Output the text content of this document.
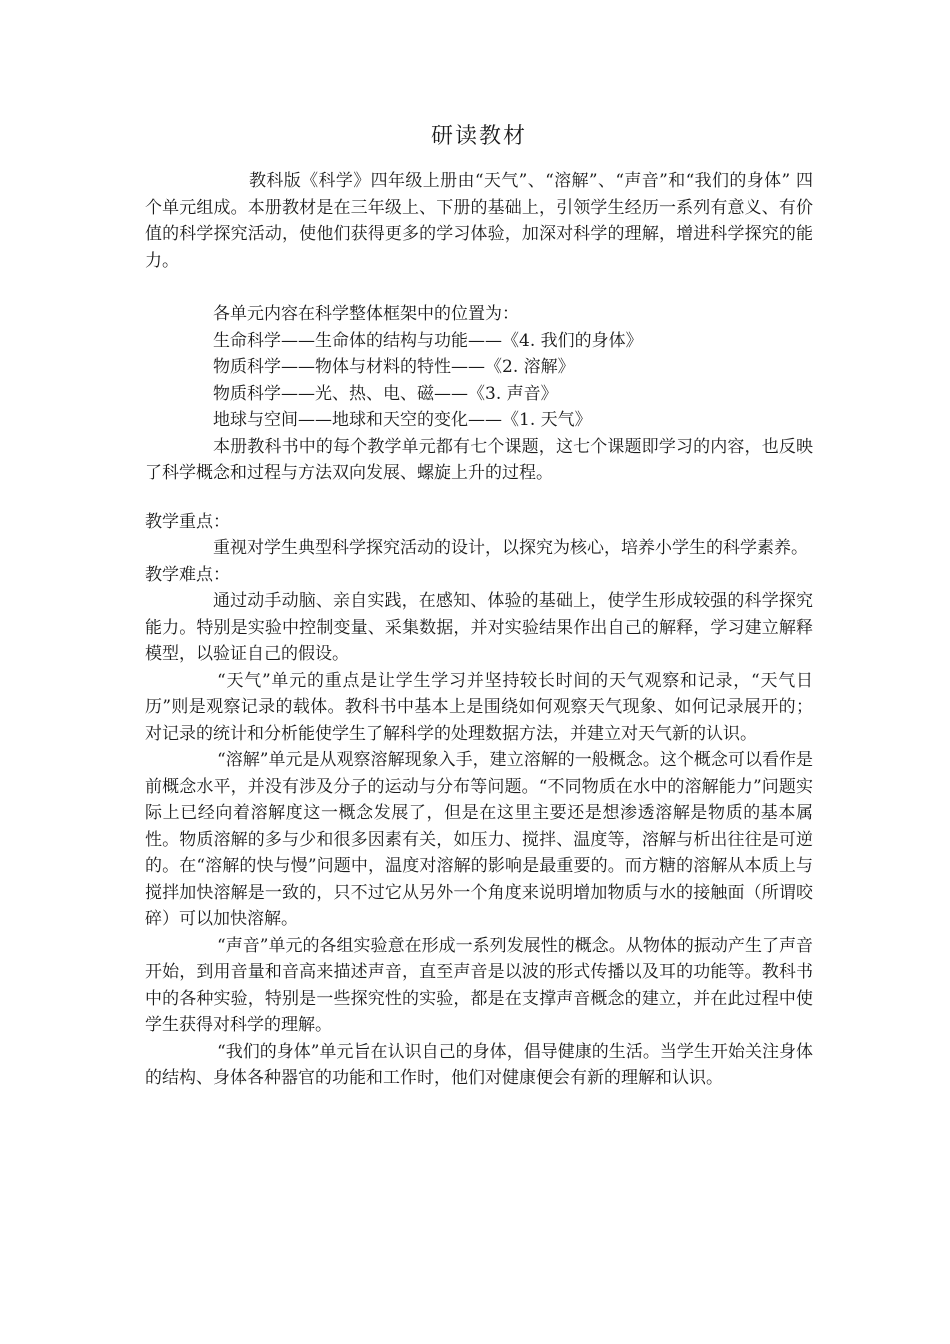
研读教材

教科版《科学》四年级上册由“天气”、“溶解”、“声音”和“我们的身体” 四个单元组成。本册教材是在三年级上、下册的基础上，引领学生经历一系列有意义、有价值的科学探究活动，使他们获得更多的学习体验，加深对科学的理解，增进科学探究的能力。

各单元内容在科学整体框架中的位置为：

生命科学——生命体的结构与功能——《4. 我们的身体》

物质科学——物体与材料的特性——《2. 溶解》

物质科学——光、热、电、磁——《3. 声音》

地球与空间——地球和天空的变化——《1. 天气》

本册教科书中的每个教学单元都有七个课题，这七个课题即学习的内容，也反映了科学概念和过程与方法双向发展、螺旋上升的过程。

教学重点：

重视对学生典型科学探究活动的设计，以探究为核心，培养小学生的科学素养。

教学难点：

通过动手动脑、亲自实践，在感知、体验的基础上，使学生形成较强的科学探究能力。特别是实验中控制变量、采集数据，并对实验结果作出自己的解释，学习建立解释模型，以验证自己的假设。

“天气”单元的重点是让学生学习并坚持较长时间的天气观察和记录，“天气日历”则是观察记录的载体。教科书中基本上是围绕如何观察天气现象、如何记录展开的；对记录的统计和分析能使学生了解科学的处理数据方法，并建立对天气新的认识。

“溶解”单元是从观察溶解现象入手，建立溶解的一般概念。这个概念可以看作是前概念水平，并没有涉及分子的运动与分布等问题。“不同物质在水中的溶解能力”问题实际上已经向着溶解度这一概念发展了，但是在这里主要还是想渗透溶解是物质的基本属性。物质溶解的多与少和很多因素有关，如压力、搅拌、温度等，溶解与析出往往是可逆的。在“溶解的快与慢”问题中，温度对溶解的影响是最重要的。而方糖的溶解从本质上与搅拌加快溶解是一致的，只不过它从另外一个角度来说明增加物质与水的接触面（所谓咬碎）可以加快溶解。

“声音”单元的各组实验意在形成一系列发展性的概念。从物体的振动产生了声音开始，到用音量和音高来描述声音，直至声音是以波的形式传播以及耳的功能等。教科书中的各种实验，特别是一些探究性的实验，都是在支撑声音概念的建立，并在此过程中使学生获得对科学的理解。

“我们的身体”单元旨在认识自己的身体，倡导健康的生活。当学生开始关注身体的结构、身体各种器官的功能和工作时，他们对健康便会有新的理解和认识。
